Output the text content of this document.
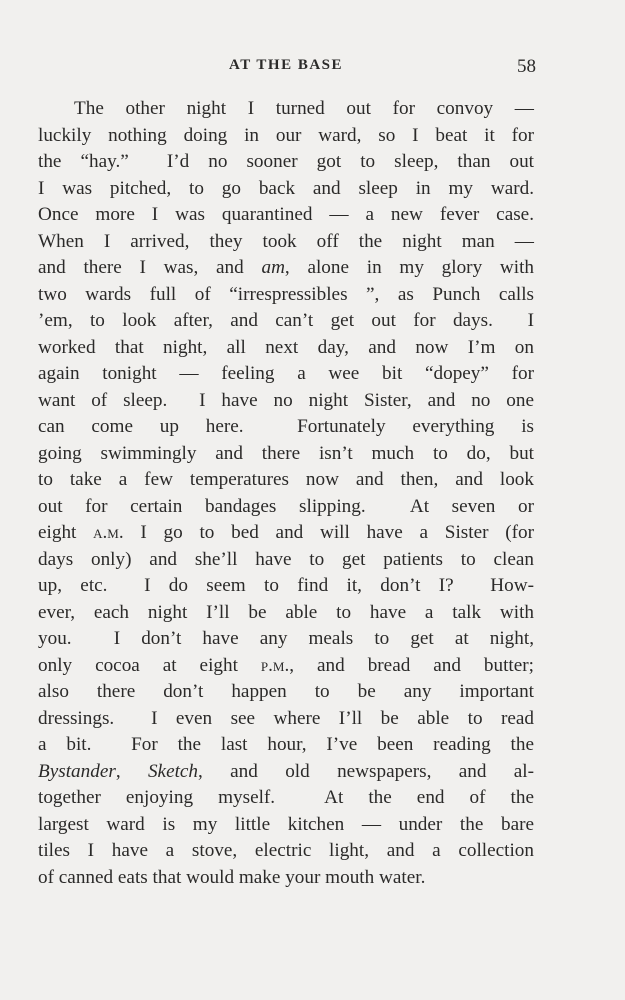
AT THE BASE	58
The other night I turned out for convoy —
luckily nothing doing in our ward, so I beat it for
the “hay.”  I’d no sooner got to sleep, than out
I was pitched, to go back and sleep in my ward.
Once more I was quarantined — a new fever case.
When I arrived, they took off the night man —
and there I was, and am, alone in my glory with
two wards full of “irrespressibles ”, as Punch calls
’em, to look after, and can’t get out for days.  I
worked that night, all next day, and now I’m on
again tonight — feeling a wee bit “dopey” for
want of sleep.  I have no night Sister, and no one
can come up here.  Fortunately everything is
going swimmingly and there isn’t much to do, but
to take a few temperatures now and then, and look
out for certain bandages slipping.  At seven or
eight a.m. I go to bed and will have a Sister (for
days only) and she’ll have to get patients to clean
up, etc.  I do seem to find it, don’t I?  How-
ever, each night I’ll be able to have a talk with
you.  I don’t have any meals to get at night,
only cocoa at eight p.m., and bread and butter;
also there don’t happen to be any important
dressings.  I even see where I’ll be able to read
a bit.  For the last hour, I’ve been reading the
Bystander, Sketch, and old newspapers, and al-
together enjoying myself.  At the end of the
largest ward is my little kitchen — under the bare
tiles I have a stove, electric light, and a collection
of canned eats that would make your mouth water.
